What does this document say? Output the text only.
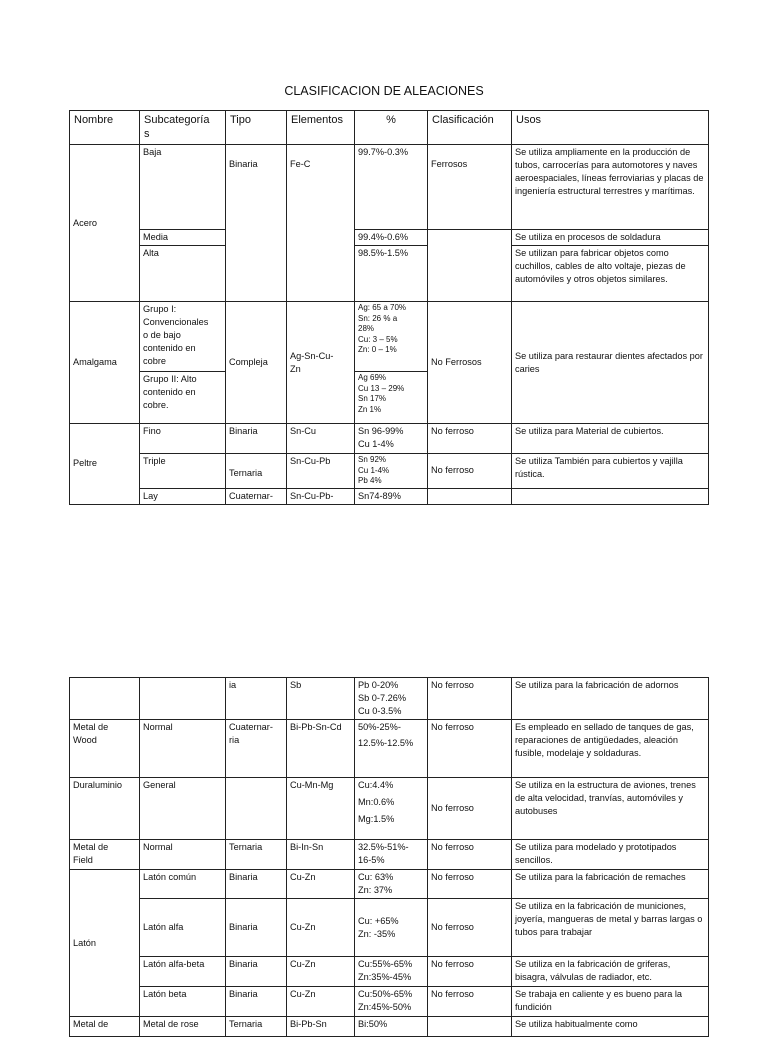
CLASIFICACION DE ALEACIONES
Nombre	Subcategoría
s	Tipo	Elementos	%	Clasificación	Usos
Acero	Baja	Binaria	Fe-C	99.7%-0.3%	Ferrosos	Se utiliza ampliamente en la producción de tubos, carrocerías para automotores y naves aeroespaciales, líneas ferroviarias y placas de ingeniería estructural terrestres y marítimas.
	Media			99.4%-0.6%		Se utiliza en procesos de soldadura
	Alta			98.5%-1.5%		Se utilizan para fabricar objetos como cuchillos, cables de alto voltaje, piezas de automóviles y otros objetos similares.
Amalgama	Grupo I:
Convencionales
o de bajo
contenido en
cobre	Compleja	Ag-Sn-Cu-
Zn	Ag: 65 a 70%
Sn: 26 % a
28%
Cu: 3 – 5%
Zn: 0 – 1%	No Ferrosos	Se utiliza para restaurar dientes afectados por caries
	Grupo II: Alto
contenido en
cobre.			Ag 69%
Cu 13 – 29%
Sn 17%
Zn 1%		
Peltre	Fino	Binaria	Sn-Cu	Sn 96-99%
Cu 1-4%	No ferroso	Se utiliza para Material de cubiertos.
	Triple	Ternaria	Sn-Cu-Pb	Sn 92%
Cu 1-4%
Pb 4%	No ferroso	Se utiliza También para cubiertos y vajilla rústica.
	Lay	Cuaternar-	Sn-Cu-Pb-	Sn74-89%		
		ia	Sb	Pb 0-20%
Sb 0-7.26%
Cu 0-3.5%	No ferroso	Se utiliza para la fabricación de adornos
Metal de
Wood	Normal	Cuaternar-
ria	Bi-Pb-Sn-Cd	50%-25%-

12.5%-12.5%	No ferroso	Es empleado en sellado de tanques de gas, reparaciones de antigüedades, aleación fusible, modelaje y soldaduras.
Duraluminio	General		Cu-Mn-Mg	Cu:4.4%

Mn:0.6%

Mg:1.5%	No ferroso	Se utiliza en la estructura de aviones, trenes de alta velocidad, tranvías, automóviles y autobuses
Metal de
Field	Normal	Ternaria	Bi-In-Sn	32.5%-51%-
16-5%	No ferroso	Se utiliza para modelado y prototipados sencillos.
Latón	Latón común	Binaria	Cu-Zn	Cu: 63%
Zn: 37%	No ferroso	Se utiliza para la fabricación de remaches
	Latón alfa	Binaria	Cu-Zn	Cu: +65%
Zn: -35%	No ferroso	Se utiliza en la fabricación de municiones, joyería, mangueras de metal y barras largas o tubos para trabajar
	Latón alfa-beta	Binaria	Cu-Zn	Cu:55%-65%
Zn:35%-45%	No ferroso	Se utiliza en la fabricación de griferas, bisagra, válvulas de radiador, etc.
	Latón beta	Binaria	Cu-Zn	Cu:50%-65%
Zn:45%-50%	No ferroso	Se trabaja en caliente y es bueno para la fundición
Metal de	Metal de rose	Ternaria	Bi-Pb-Sn	Bi:50%		Se utiliza habitualmente como
